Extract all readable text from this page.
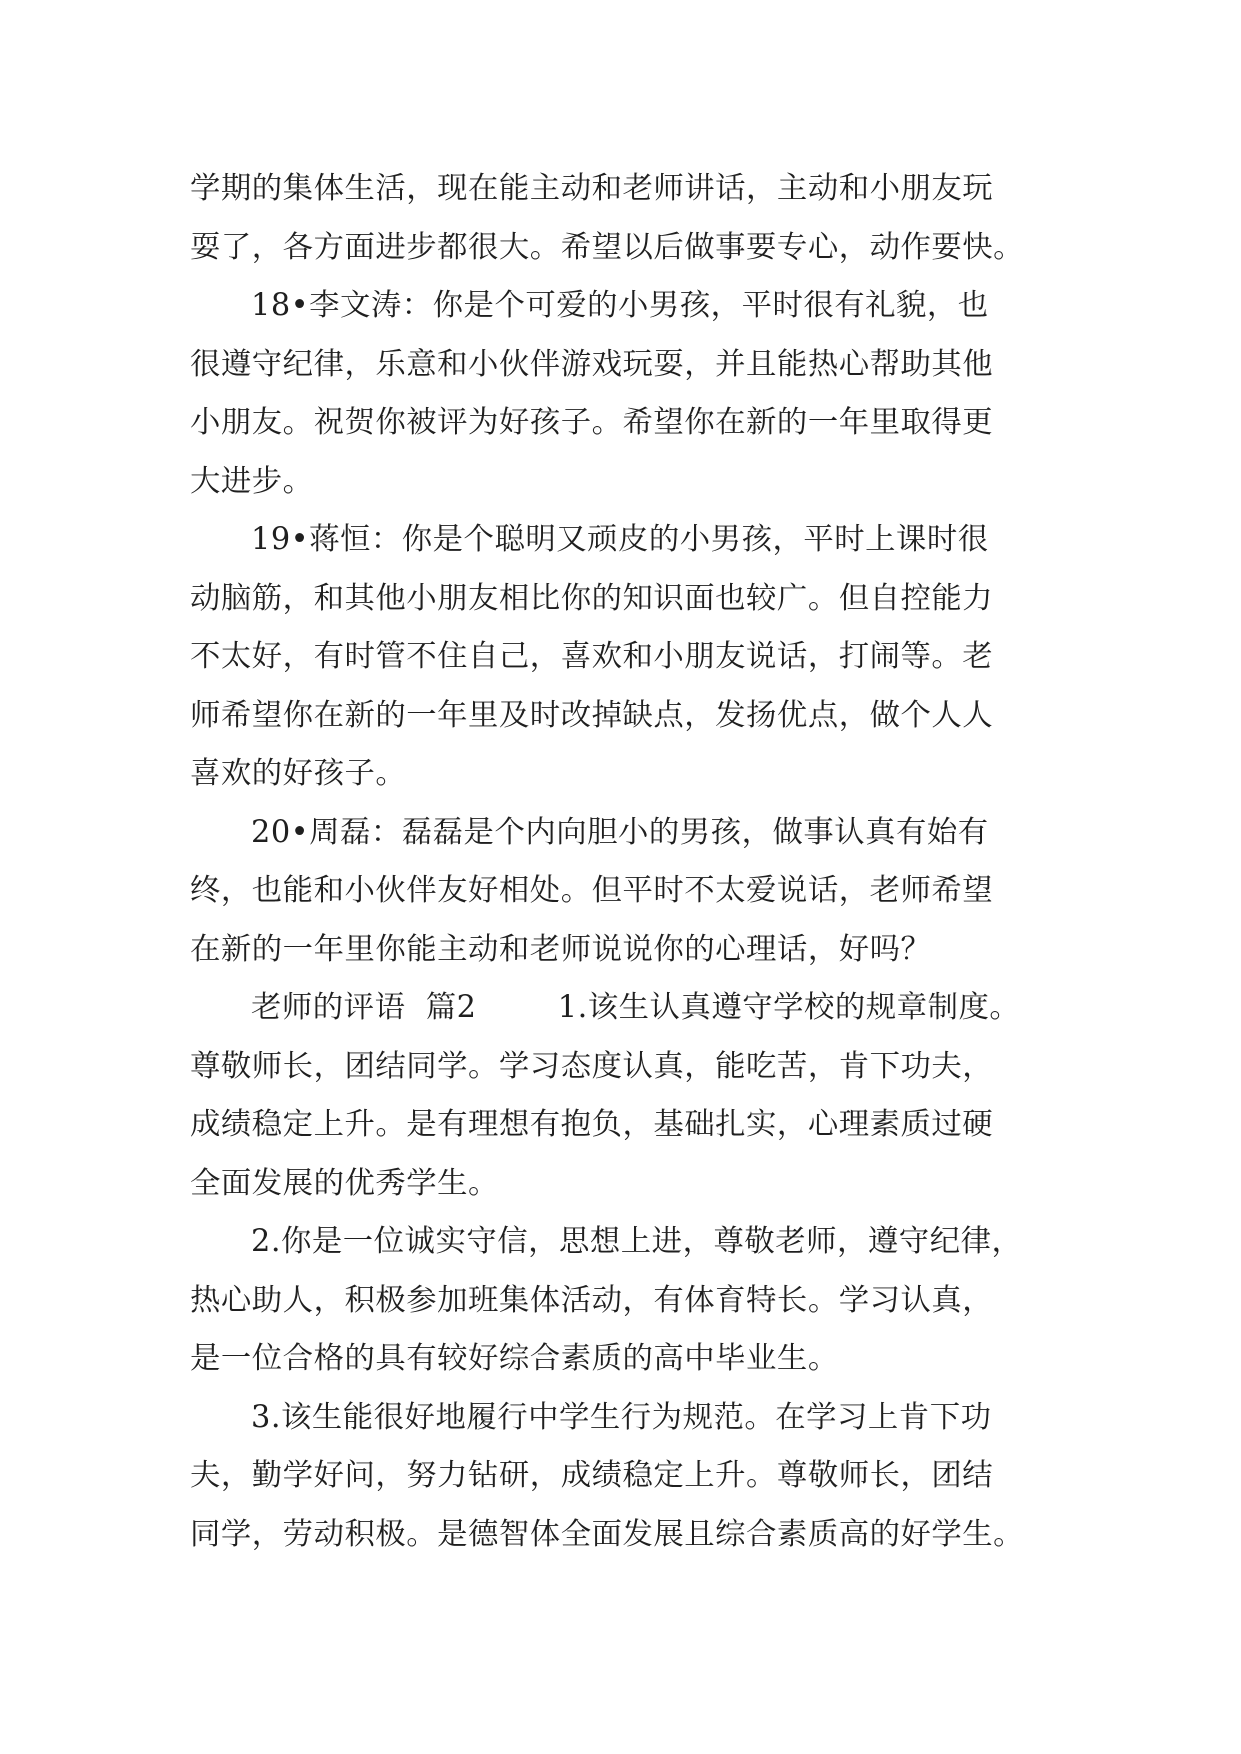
学期的集体生活，现在能主动和老师讲话，主动和小朋友玩
耍了，各方面进步都很大。希望以后做事要专心，动作要快。
18•李文涛：你是个可爱的小男孩，平时很有礼貌，也
很遵守纪律，乐意和小伙伴游戏玩耍，并且能热心帮助其他
小朋友。祝贺你被评为好孩子。希望你在新的一年里取得更
大进步。
19•蒋恒：你是个聪明又顽皮的小男孩，平时上课时很
动脑筋，和其他小朋友相比你的知识面也较广。但自控能力
不太好，有时管不住自己，喜欢和小朋友说话，打闹等。老
师希望你在新的一年里及时改掉缺点，发扬优点，做个人人
喜欢的好孩子。
20•周磊：磊磊是个内向胆小的男孩，做事认真有始有
终，也能和小伙伴友好相处。但平时不太爱说话，老师希望
在新的一年里你能主动和老师说说你的心理话，好吗？
老师的评语  篇2        1.该生认真遵守学校的规章制度。
尊敬师长，团结同学。学习态度认真，能吃苦，肯下功夫，
成绩稳定上升。是有理想有抱负，基础扎实，心理素质过硬
全面发展的优秀学生。
2.你是一位诚实守信，思想上进，尊敬老师，遵守纪律，
热心助人，积极参加班集体活动，有体育特长。学习认真，
是一位合格的具有较好综合素质的高中毕业生。
3.该生能很好地履行中学生行为规范。在学习上肯下功
夫，勤学好问，努力钻研，成绩稳定上升。尊敬师长，团结
同学，劳动积极。是德智体全面发展且综合素质高的好学生。
